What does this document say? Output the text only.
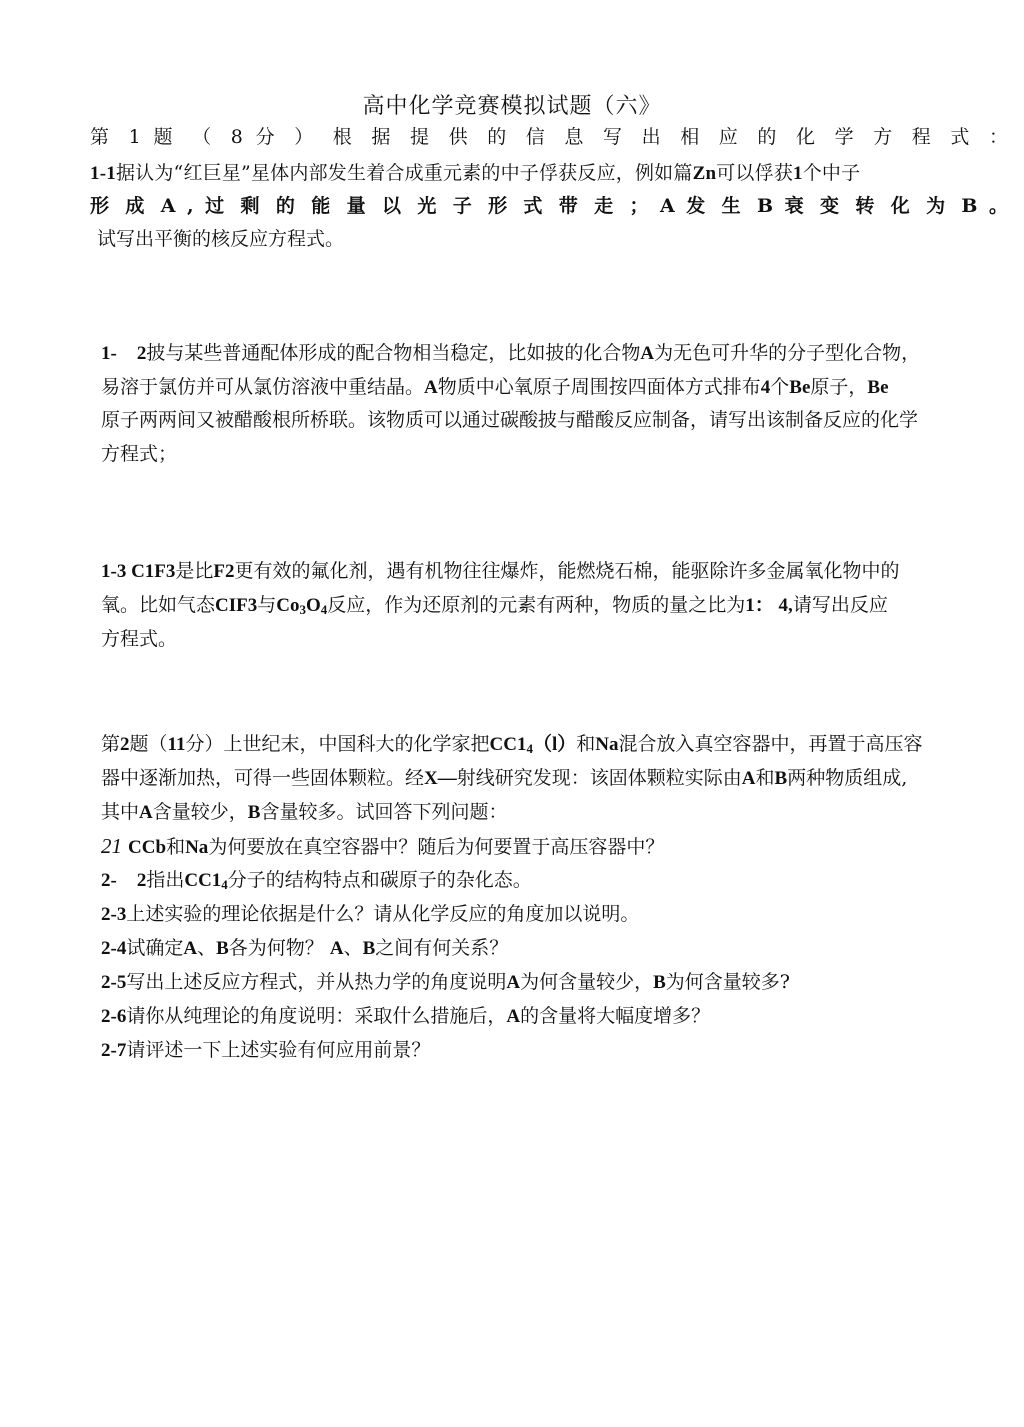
高中化学竞赛模拟试题（六》
第 1 题 （ 8 分 ） 根 据 提 供 的 信 息 写 出 相 应 的 化 学 方 程 式 ：
1-1据认为“红巨星”星体内部发生着合成重元素的中子俘获反应，例如篇Zn可以俘获1个中子
形 成 A , 过 剩 的 能 量 以 光 子 形 式 带 走 ； A 发 生 B 衰 变 转 化 为 B 。
试写出平衡的核反应方程式。
1- 2披与某些普通配体形成的配合物相当稳定，比如披的化合物A为无色可升华的分子型化合物，
易溶于氯仿并可从氯仿溶液中重结晶。A物质中心氧原子周围按四面体方式排布4个Be原子，Be
原子两两间又被醋酸根所桥联。该物质可以通过碳酸披与醋酸反应制备，请写出该制备反应的化学
方程式；
1-3 C1F3是比F2更有效的氟化剂，遇有机物往往爆炸，能燃烧石棉，能驱除许多金属氧化物中的
氧。比如气态CIF3与$Co_3O_4$反应，作为还原剂的元素有两种，物质的量之比为1： 4,请写出反应
方程式。
第2题（11分）上世纪末，中国科大的化学家把$CC1_4(l)$和Na混合放入真空容器中，再置于高压容
器中逐渐加热，可得一些固体颗粒。经X—射线研究发现：该固体颗粒实际由A和B两种物质组成,
其中A含量较少，B含量较多。试回答下列问题：
21 CCb和Na为何要放在真空容器中？随后为何要置于高压容器中？
2- 2指出$CC1_4$分子的结构特点和碳原子的杂化态。
2-3上述实验的理论依据是什么？请从化学反应的角度加以说明。
2-4试确定A、B各为何物？ A、B之间有何关系？
2-5写出上述反应方程式，并从热力学的角度说明A为何含量较少，B为何含量较多?
2-6请你从纯理论的角度说明：采取什么措施后，A的含量将大幅度增多？
2-7请评述一下上述实验有何应用前景？
